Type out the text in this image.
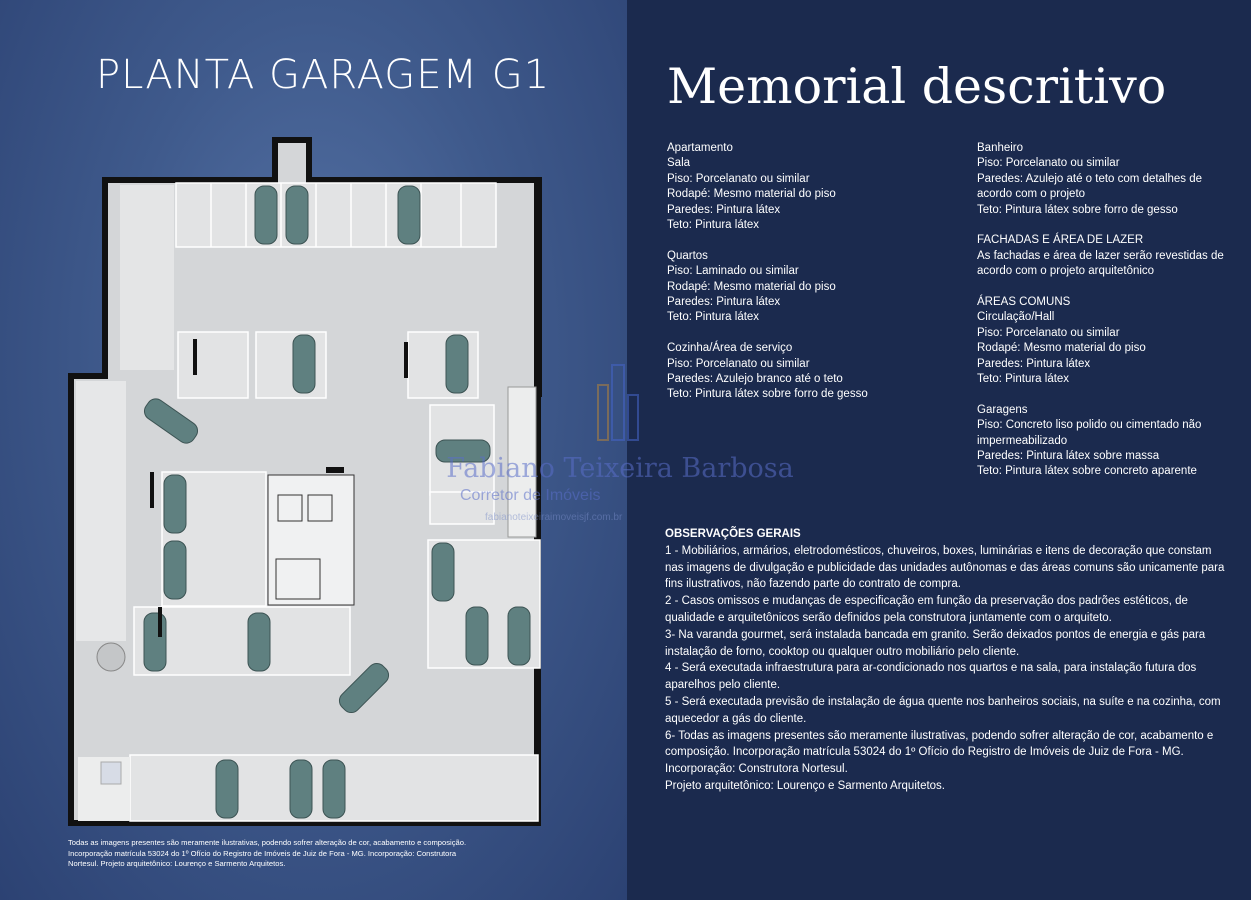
PLANTA GARAGEM G1
Todas as imagens presentes são meramente ilustrativas, podendo sofrer alteração de cor, acabamento e composição. Incorporação matrícula 53024 do 1º Ofício do Registro de Imóveis de Juiz de Fora - MG. Incorporação: Construtora Nortesul. Projeto arquitetônico: Lourenço e Sarmento Arquitetos.
Fabiano Teixeira Barbosa
Corretor de Imóveis
fabianoteixeiraimoveisjf.com.br
Memorial descritivo
Apartamento
Sala
Piso: Porcelanato ou similar
Rodapé: Mesmo material do piso
Paredes: Pintura látex
Teto: Pintura látex
Quartos
Piso: Laminado ou similar
Rodapé: Mesmo material do piso
Paredes: Pintura látex
Teto: Pintura látex
Cozinha/Área de serviço
Piso: Porcelanato ou similar
Paredes: Azulejo branco até o teto
Teto: Pintura látex sobre forro de gesso
Banheiro
Piso: Porcelanato ou similar
Paredes: Azulejo até o teto com detalhes de acordo com o projeto
Teto: Pintura látex sobre forro de gesso
FACHADAS E ÁREA DE LAZER
As fachadas e área de lazer serão revestidas de acordo com o projeto arquitetônico
ÁREAS COMUNS
Circulação/Hall
Piso: Porcelanato ou similar
Rodapé: Mesmo material do piso
Paredes: Pintura látex
Teto: Pintura látex
Garagens
Piso: Concreto liso polido ou cimentado não impermeabilizado
Paredes: Pintura látex sobre massa
Teto: Pintura látex sobre concreto aparente
OBSERVAÇÕES GERAIS
1 - Mobiliários, armários, eletrodomésticos, chuveiros, boxes, luminárias e itens de decoração que constam nas imagens de divulgação e publicidade das unidades autônomas e das áreas comuns são unicamente para fins ilustrativos, não fazendo parte do contrato de compra.
2 - Casos omissos e mudanças de especificação em função da preservação dos padrões estéticos, de qualidade e arquitetônicos serão definidos pela construtora juntamente com o arquiteto.
3- Na varanda gourmet, será instalada bancada em granito. Serão deixados pontos de energia e gás para instalação de forno, cooktop ou qualquer outro mobiliário pelo cliente.
4 - Será executada infraestrutura para ar-condicionado nos quartos e na sala, para instalação futura dos aparelhos pelo cliente.
5 - Será executada previsão de instalação de água quente nos banheiros sociais, na suíte e na cozinha, com aquecedor a gás do cliente.
6- Todas as imagens presentes são meramente ilustrativas, podendo sofrer alteração de cor, acabamento e composição. Incorporação matrícula 53024 do 1º Ofício do Registro de Imóveis de Juiz de Fora - MG. Incorporação: Construtora Nortesul.
Projeto arquitetônico: Lourenço e Sarmento Arquitetos.
